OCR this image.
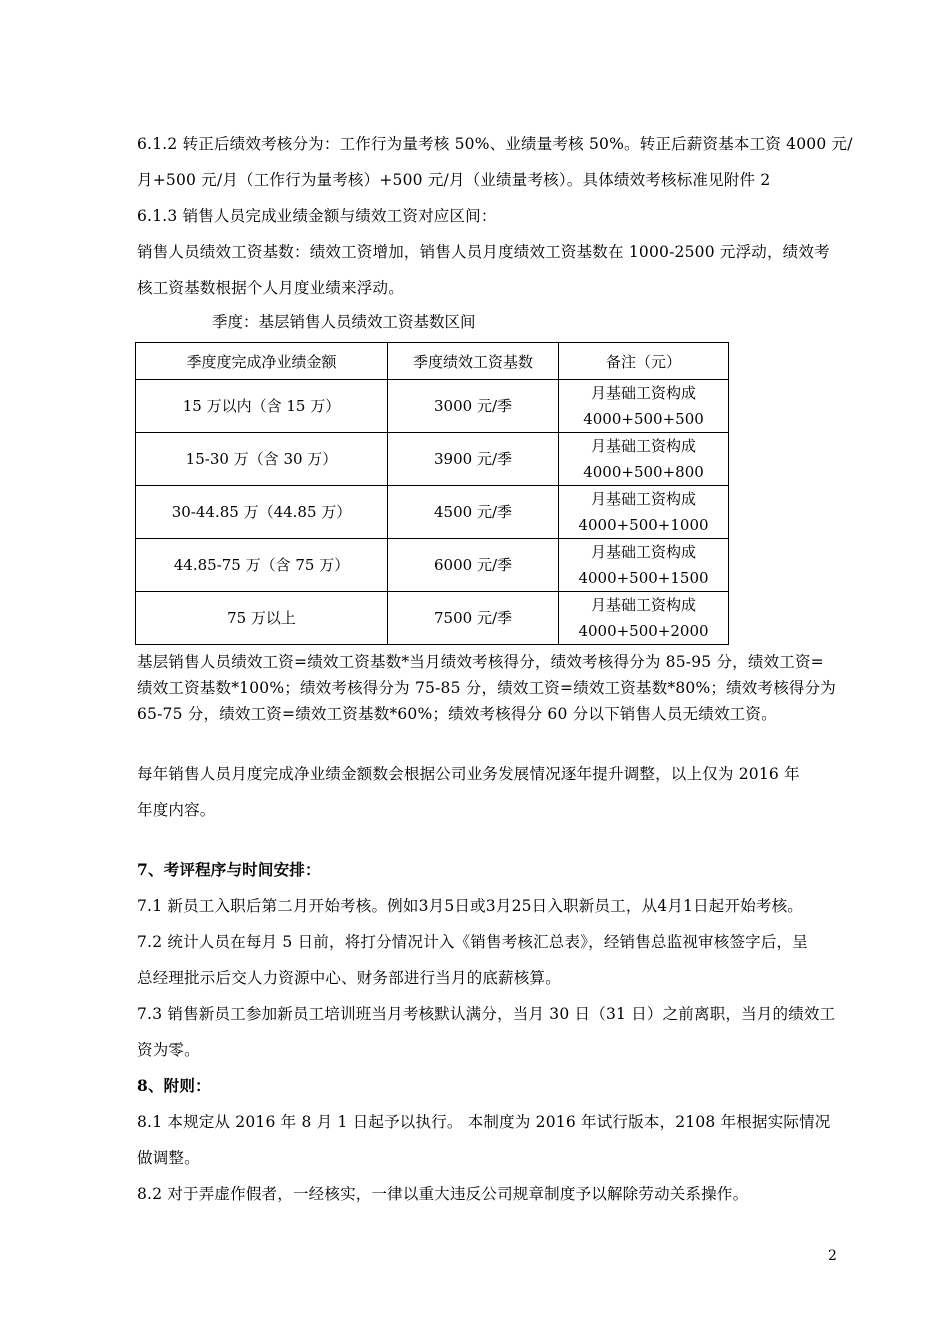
6.1.2 转正后绩效考核分为：工作行为量考核 50%、业绩量考核 50%。转正后薪资基本工资 4000 元/
月+500 元/月（工作行为量考核）+500 元/月（业绩量考核）。具体绩效考核标准见附件 2
6.1.3 销售人员完成业绩金额与绩效工资对应区间：
销售人员绩效工资基数：绩效工资增加，销售人员月度绩效工资基数在 1000-2500 元浮动，绩效考
核工资基数根据个人月度业绩来浮动。
季度：基层销售人员绩效工资基数区间
季度度完成净业绩金额	季度绩效工资基数	备注（元）
15 万以内（含 15 万）	3000 元/季	月基础工资构成
4000+500+500
15-30 万（含 30 万）	3900 元/季	月基础工资构成
4000+500+800
30-44.85 万（44.85 万）	4500 元/季	月基础工资构成
4000+500+1000
44.85-75 万（含 75 万）	6000 元/季	月基础工资构成
4000+500+1500
75 万以上	7500 元/季	月基础工资构成
4000+500+2000
基层销售人员绩效工资=绩效工资基数*当月绩效考核得分，绩效考核得分为 85-95 分，绩效工资=
绩效工资基数*100%；绩效考核得分为 75-85 分，绩效工资=绩效工资基数*80%；绩效考核得分为
65-75 分，绩效工资=绩效工资基数*60%；绩效考核得分 60 分以下销售人员无绩效工资。
每年销售人员月度完成净业绩金额数会根据公司业务发展情况逐年提升调整，以上仅为 2016 年
年度内容。
7、考评程序与时间安排：
7.1 新员工入职后第二月开始考核。例如3月5日或3月25日入职新员工，从4月1日起开始考核。
7.2 统计人员在每月 5 日前，将打分情况计入《销售考核汇总表》，经销售总监视审核签字后，呈
总经理批示后交人力资源中心、财务部进行当月的底薪核算。
7.3 销售新员工参加新员工培训班当月考核默认满分，当月 30 日（31 日）之前离职，当月的绩效工
资为零。
8、附则：
8.1 本规定从 2016 年 8 月 1 日起予以执行。 本制度为 2016 年试行版本，2108 年根据实际情况
做调整。
8.2 对于弄虚作假者，一经核实，一律以重大违反公司规章制度予以解除劳动关系操作。
2
